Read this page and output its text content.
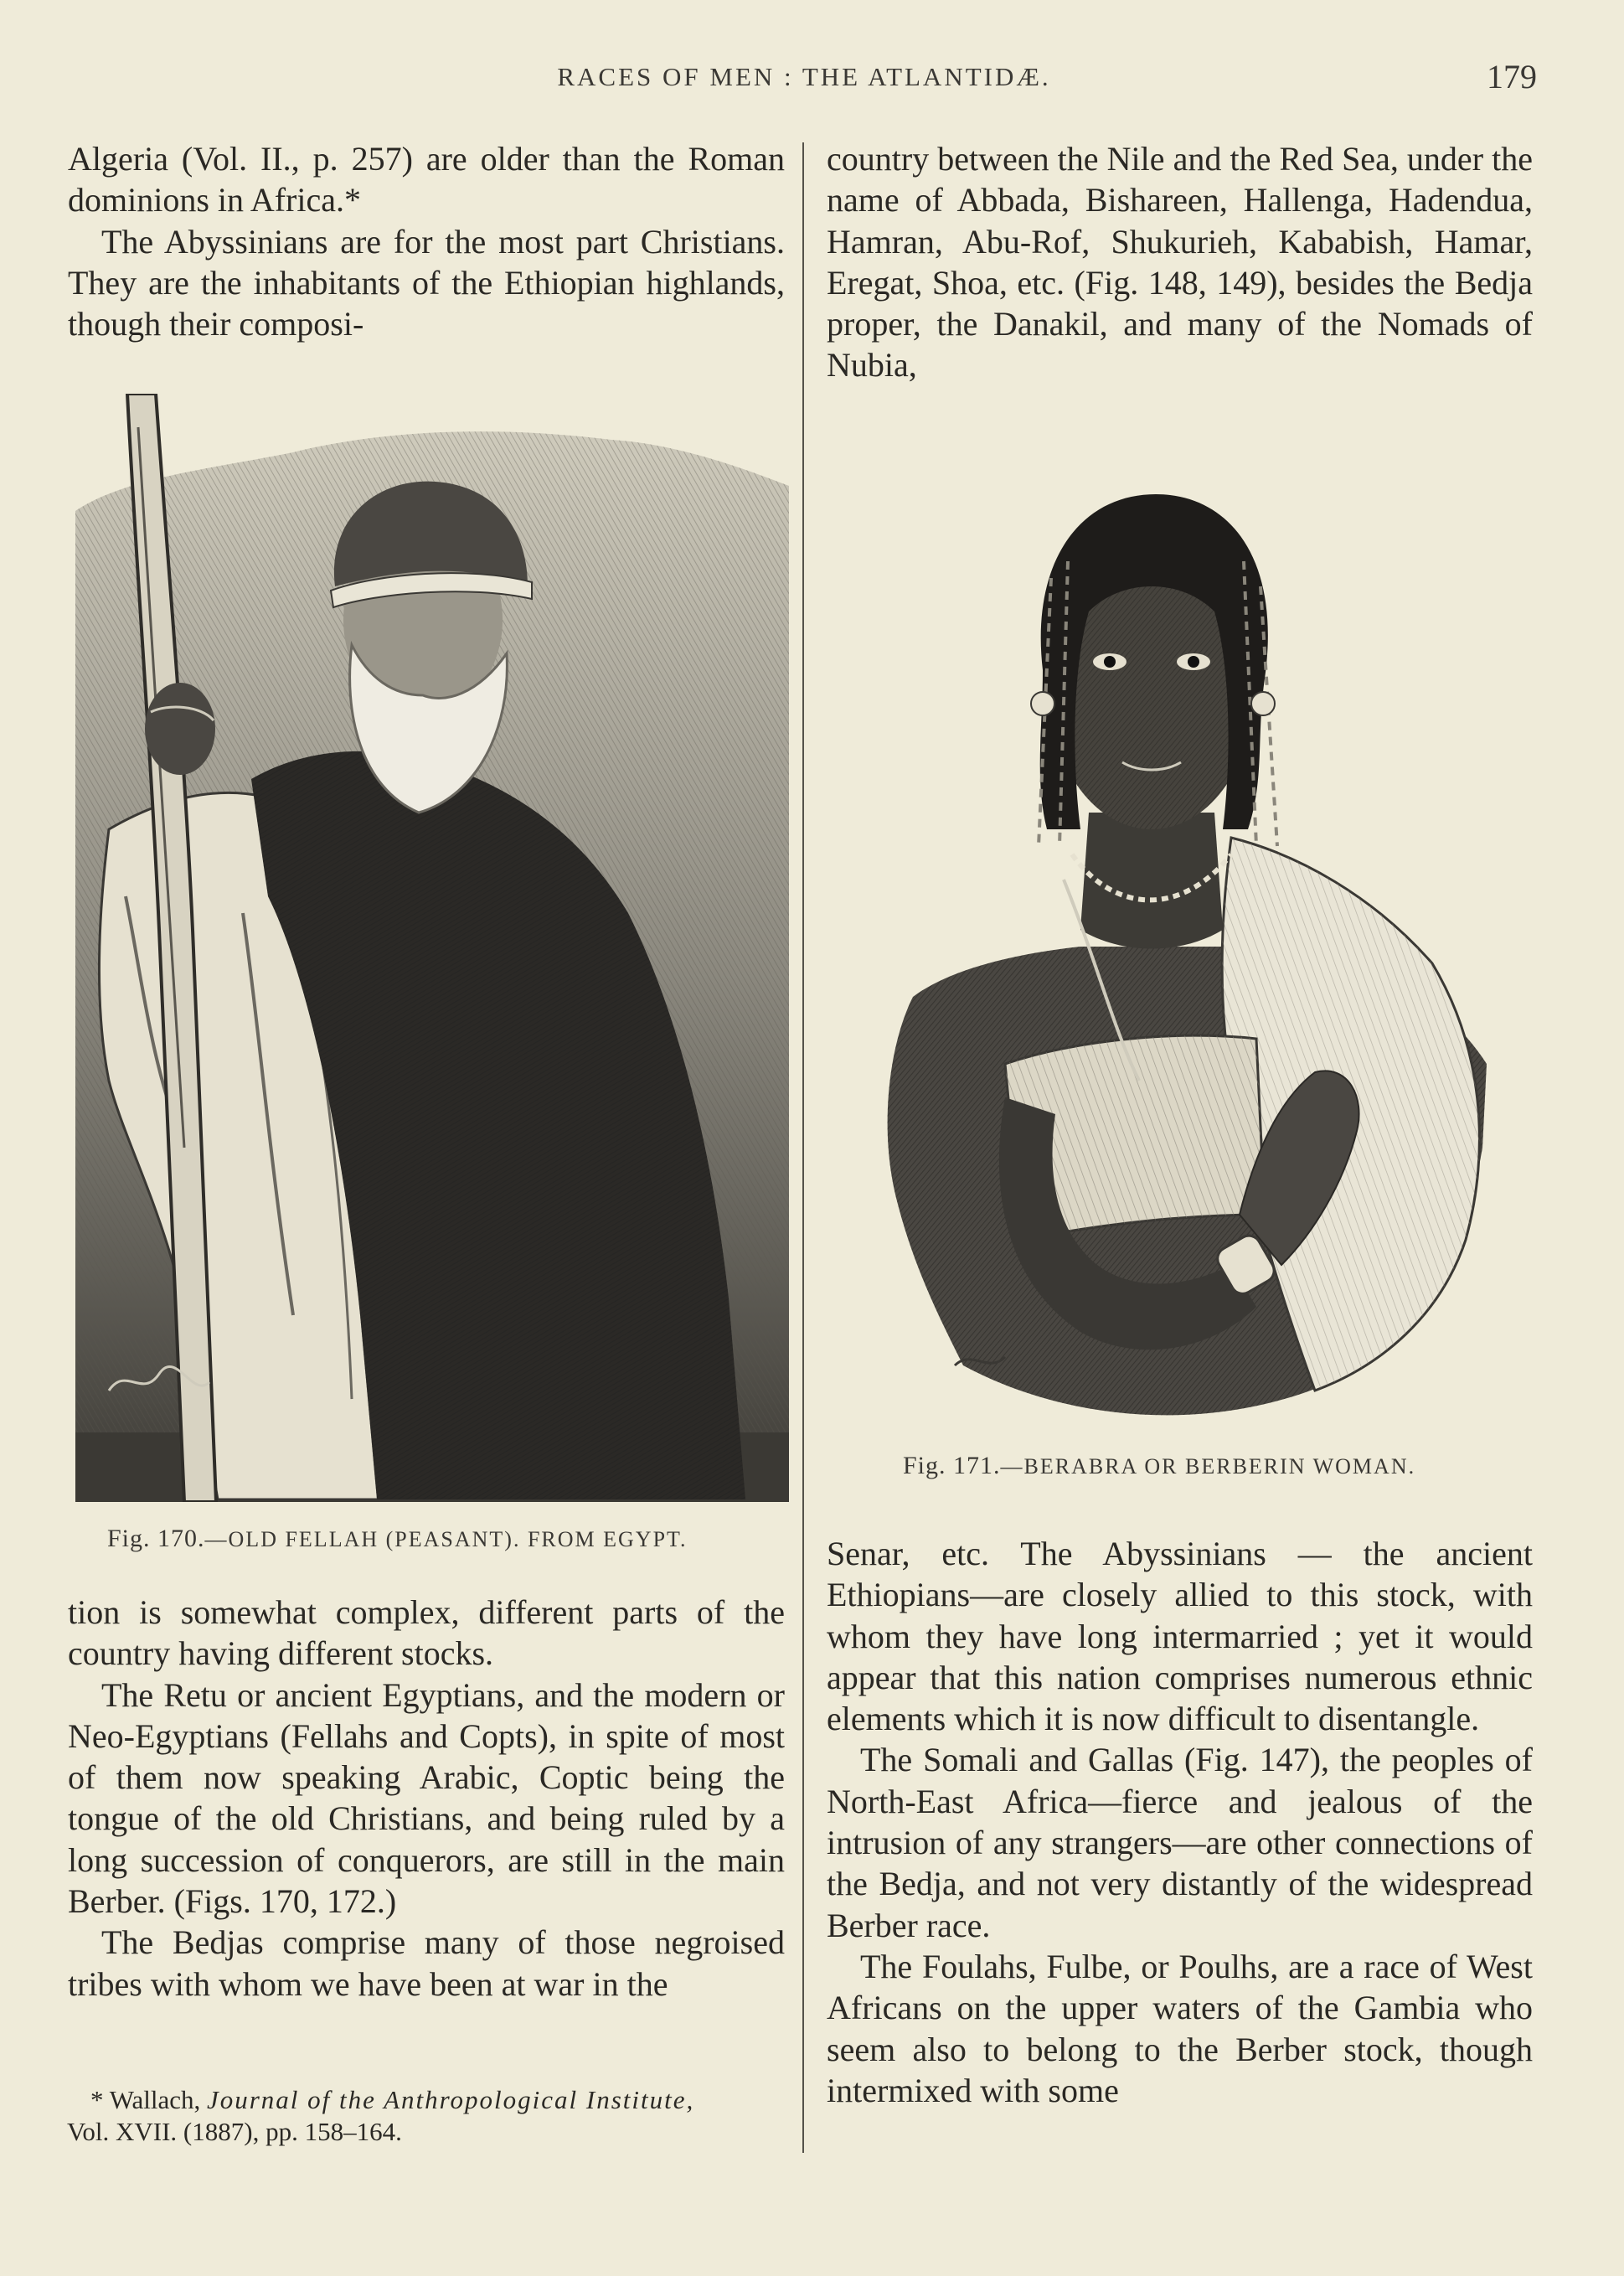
RACES OF MEN : THE ATLANTIDÆ.	179

Algeria (Vol. II., p. 257) are older than the Roman dominions in Africa.*

The Abyssinians are for the most part Christians. They are the inhabitants of the Ethiopian highlands, though their composi-

Fig. 170.—OLD FELLAH (PEASANT). FROM EGYPT.

tion is somewhat complex, different parts of the country having different stocks.

The Retu or ancient Egyptians, and the modern or Neo-Egyptians (Fellahs and Copts), in spite of most of them now speaking Arabic, Coptic being the tongue of the old Christians, and being ruled by a long succession of conquerors, are still in the main Berber. (Figs. 170, 172.)

The Bedjas comprise many of those negroised tribes with whom we have been at war in the

* Wallach, Journal of the Anthropological Institute,
Vol. XVII. (1887), pp. 158–164.

country between the Nile and the Red Sea, under the name of Abbada, Bishareen, Hallenga, Hadendua, Hamran, Abu-Rof, Shukurieh, Kababish, Hamar, Eregat, Shoa, etc. (Fig. 148, 149), besides the Bedja proper, the Danakil, and many of the Nomads of Nubia,

Fig. 171.—BERABRA OR BERBERIN WOMAN.

Senar, etc. The Abyssinians — the ancient Ethiopians—are closely allied to this stock, with whom they have long intermarried ; yet it would appear that this nation comprises numerous ethnic elements which it is now difficult to disentangle.

The Somali and Gallas (Fig. 147), the peoples of North-East Africa—fierce and jealous of the intrusion of any strangers—are other connections of the Bedja, and not very distantly of the widespread Berber race.

The Foulahs, Fulbe, or Poulhs, are a race of West Africans on the upper waters of the Gambia who seem also to belong to the Berber stock, though intermixed with some
